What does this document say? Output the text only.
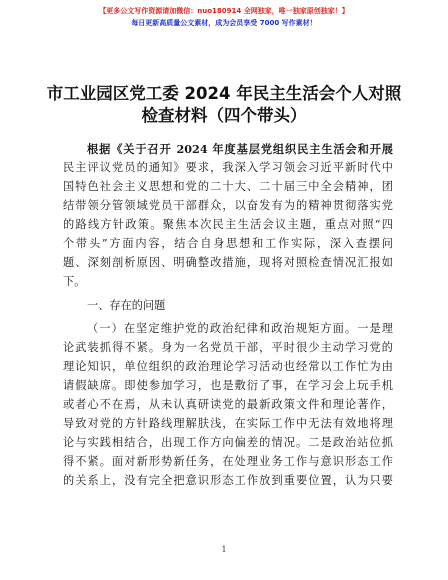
【更多公文写作资源请加微信：nuo180914 全网独家，唯一独家原创独家！】
每日更新高质量公文素材，成为会员享受 7000 写作素材！
市工业园区党工委 2024 年民主生活会个人对照
检查材料（四个带头）
根据《关于召开 2024 年度基层党组织民主生活会和开展
民主评议党员的通知》要求，我深入学习领会习近平新时代中
国特色社会主义思想和党的二十大、二十届三中全会精神，团
结带领分管领域党员干部群众，以奋发有为的精神贯彻落实党
的路线方针政策。聚焦本次民主生活会议主题，重点对照“四
个带头”方面内容，结合自身思想和工作实际，深入查摆问
题、深刻剖析原因、明确整改措施，现将对照检查情况汇报如
下。
一、存在的问题
（一）在坚定维护党的政治纪律和政治规矩方面。一是理
论武装抓得不紧。身为一名党员干部，平时很少主动学习党的
理论知识，单位组织的政治理论学习活动也经常以工作忙为由
请假缺席。即使参加学习，也是敷衍了事，在学习会上玩手机
或者心不在焉，从未认真研读党的最新政策文件和理论著作，
导致对党的方针路线理解肤浅，在实际工作中无法有效地将理
论与实践相结合，出现工作方向偏差的情况。二是政治站位抓
得不紧。面对新形势新任务，在处理业务工作与意识形态工作
的关系上，没有完全把意识形态工作放到重要位置，认为只要
1
